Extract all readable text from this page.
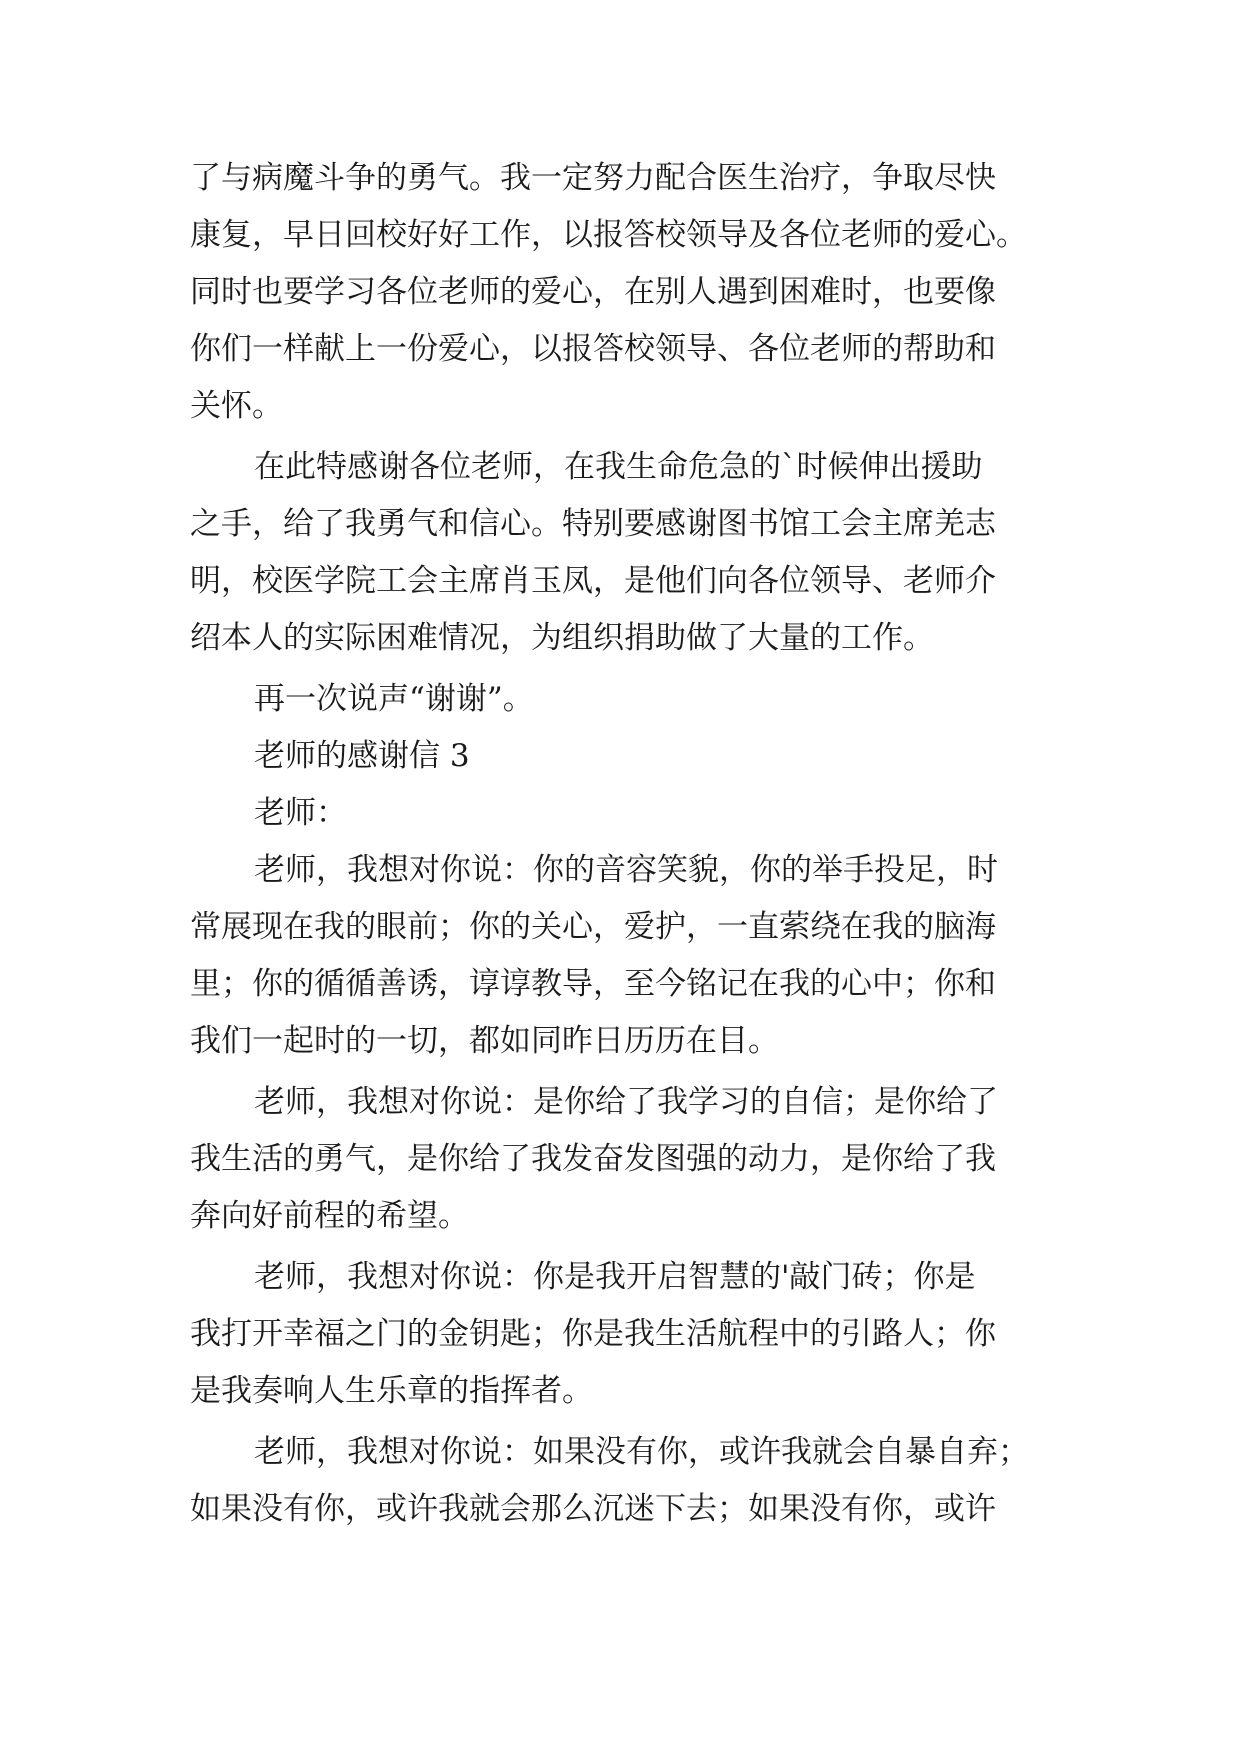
了与病魔斗争的勇气。我一定努力配合医生治疗，争取尽快
康复，早日回校好好工作，以报答校领导及各位老师的爱心。
同时也要学习各位老师的爱心，在别人遇到困难时，也要像
你们一样献上一份爱心，以报答校领导、各位老师的帮助和
关怀。
在此特感谢各位老师，在我生命危急的`时候伸出援助
之手，给了我勇气和信心。特别要感谢图书馆工会主席羌志
明，校医学院工会主席肖玉凤，是他们向各位领导、老师介
绍本人的实际困难情况，为组织捐助做了大量的工作。
再一次说声“谢谢”。
老师的感谢信 3
老师：
老师，我想对你说：你的音容笑貌，你的举手投足，时
常展现在我的眼前；你的关心，爱护，一直萦绕在我的脑海
里；你的循循善诱，谆谆教导，至今铭记在我的心中；你和
我们一起时的一切，都如同昨日历历在目。
老师，我想对你说：是你给了我学习的自信；是你给了
我生活的勇气，是你给了我发奋发图强的动力，是你给了我
奔向好前程的希望。
老师，我想对你说：你是我开启智慧的'敲门砖；你是
我打开幸福之门的金钥匙；你是我生活航程中的引路人；你
是我奏响人生乐章的指挥者。
老师，我想对你说：如果没有你，或许我就会自暴自弃；
如果没有你，或许我就会那么沉迷下去；如果没有你，或许
